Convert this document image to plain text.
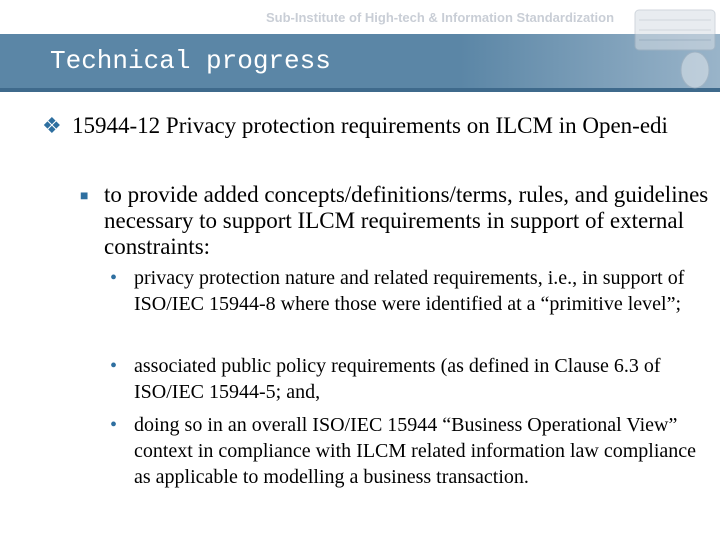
Sub-Institute of High-tech & Information Standardization
Technical progress
❖ 15944-12 Privacy protection requirements on ILCM in Open-edi
■ to provide added concepts/definitions/terms, rules, and guidelines necessary to support ILCM requirements in support of external constraints:
• privacy protection nature and related requirements, i.e., in support of ISO/IEC 15944-8 where those were identified at a “primitive level”;
• associated public policy requirements (as defined in Clause 6.3 of ISO/IEC 15944-5; and,
• doing so in an overall ISO/IEC 15944 “Business Operational View” context in compliance with ILCM related information law compliance as applicable to modelling a business transaction.
